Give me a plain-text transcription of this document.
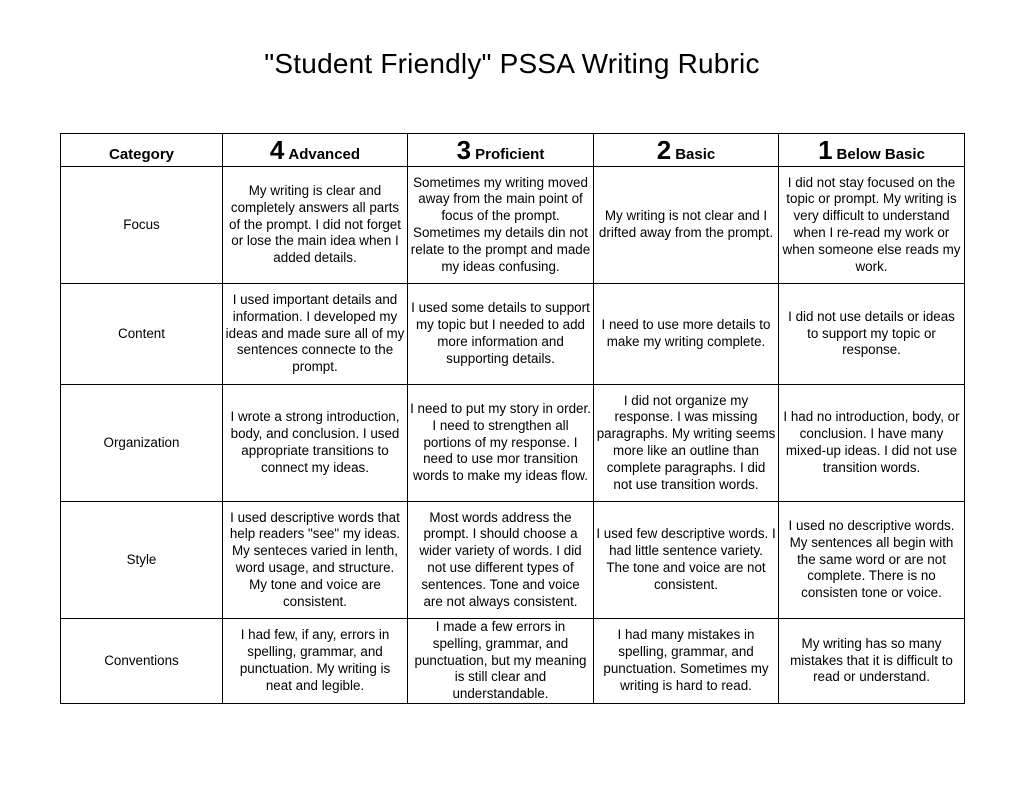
"Student Friendly" PSSA Writing Rubric
Category	4 Advanced	3 Proficient	2 Basic	1 Below Basic
Focus	My writing is clear and completely answers all parts of the prompt. I did not forget or lose the main idea when I added details.	Sometimes my writing moved away from the main point of focus of the prompt. Sometimes my details din not relate to the prompt and made my ideas confusing.	My writing is not clear and I drifted away from the prompt.	I did not stay focused on the topic or prompt. My writing is very difficult to understand when I re-read my work or when someone else reads my work.
Content	I used important details and information. I developed my ideas and made sure all of my sentences connecte to the prompt.	I used some details to support my topic but I needed to add more information and supporting details.	I need to use more details to make my writing complete.	I did not use details or ideas to support my topic or response.
Organization	I wrote a strong introduction, body, and conclusion. I used appropriate transitions to connect my ideas.	I need to put my story in order. I need to strengthen all portions of my response. I need to use mor transition words to make my ideas flow.	I did not organize my response. I was missing paragraphs. My writing seems more like an outline than complete paragraphs. I did not use transition words.	I had no introduction, body, or conclusion. I have many mixed-up ideas. I did not use transition words.
Style	I used descriptive words that help readers "see" my ideas. My senteces varied in lenth, word usage, and structure. My tone and voice are consistent.	Most words address the prompt. I should choose a wider variety of words. I did not use different types of sentences. Tone and voice are not always consistent.	I used few descriptive words. I had little sentence variety. The tone and voice are not consistent.	I used no descriptive words. My sentences all begin with the same word or are not complete. There is no consisten tone or voice.
Conventions	I had few, if any, errors in spelling, grammar, and punctuation. My writing is neat and legible.	I made a few errors in spelling, grammar, and punctuation, but my meaning is still clear and understandable.	I had many mistakes in spelling, grammar, and punctuation. Sometimes my writing is hard to read.	My writing has so many mistakes that it is difficult to read or understand.
